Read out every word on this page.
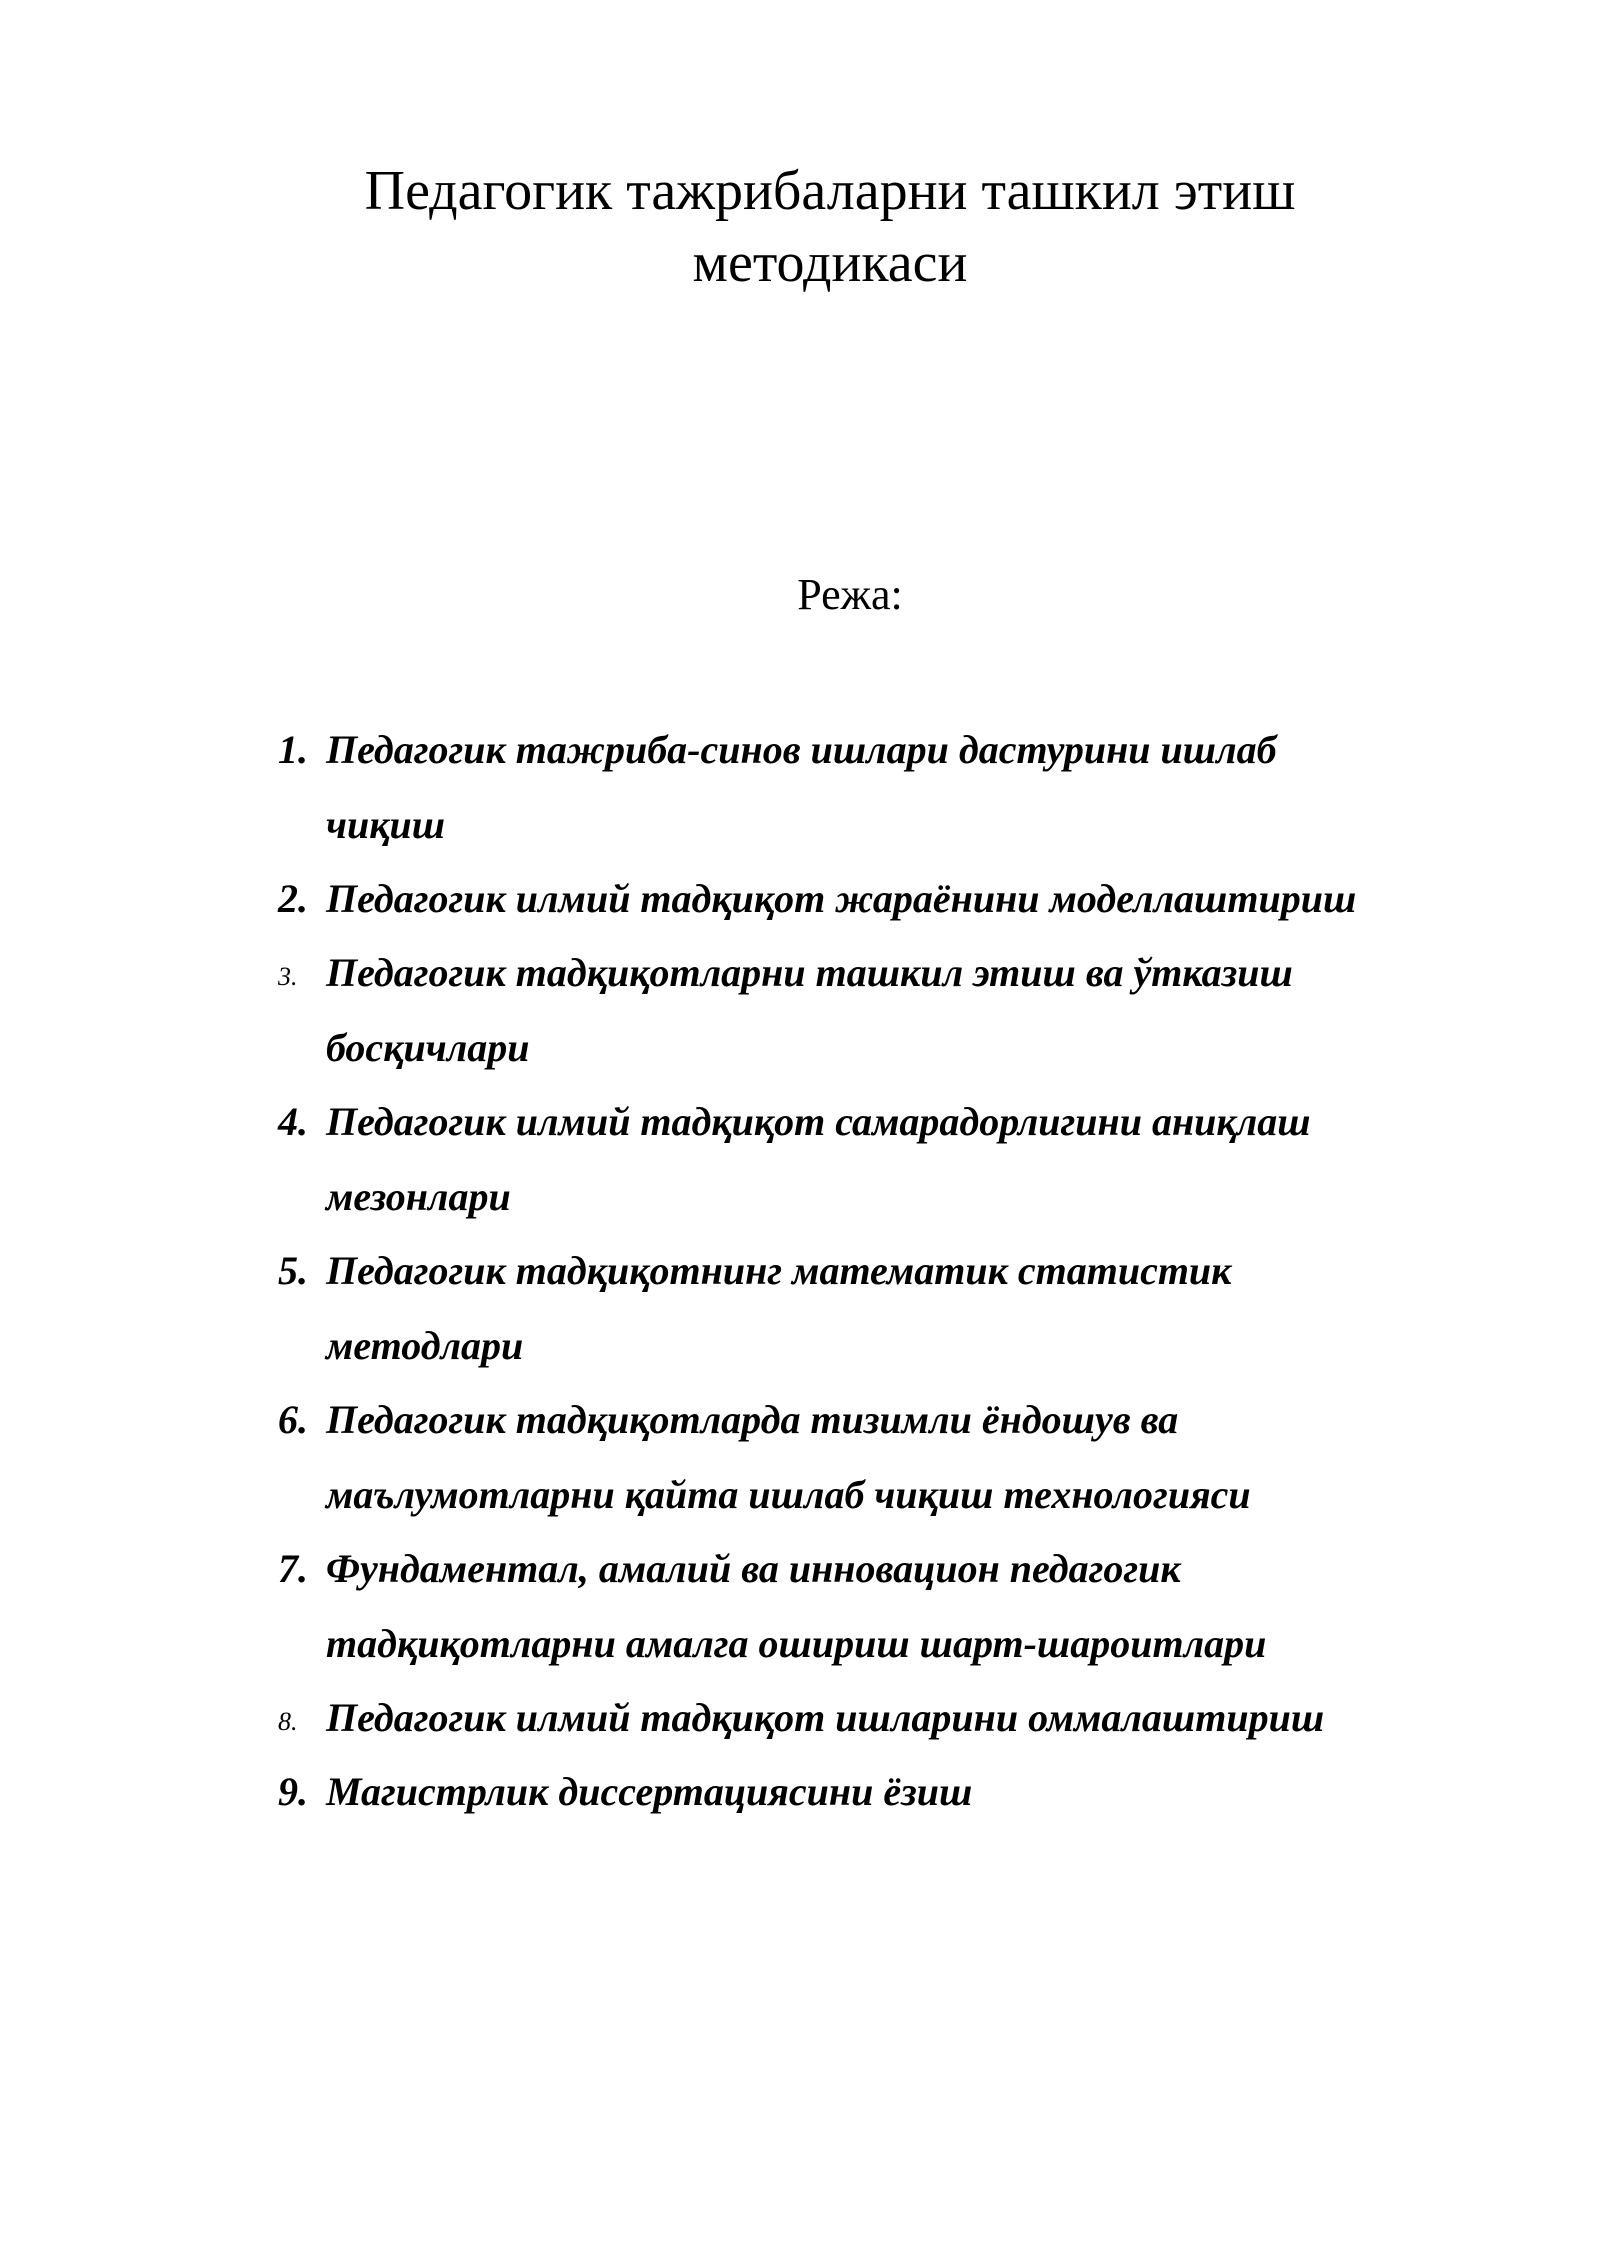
Педагогик тажрибаларни ташкил этиш
методикаси
Режа:
1. Педагогик тажриба-синов ишлари дастурини ишлаб
чиқиш
2. Педагогик илмий тадқиқот жараёнини моделлаштириш
3. Педагогик тадқиқотларни ташкил этиш ва ўтказиш
босқичлари
4. Педагогик илмий тадқиқот самарадорлигини аниқлаш
мезонлари
5. Педагогик тадқиқотнинг математик статистик
методлари
6. Педагогик тадқиқотларда тизимли ёндошув ва
маълумотларни қайта ишлаб чиқиш технологияси
7. Фундаментал, амалий ва инновацион педагогик
тадқиқотларни амалга ошириш шарт-шароитлари
8. Педагогик илмий тадқиқот ишларини оммалаштириш
9. Магистрлик диссертациясини ёзиш
